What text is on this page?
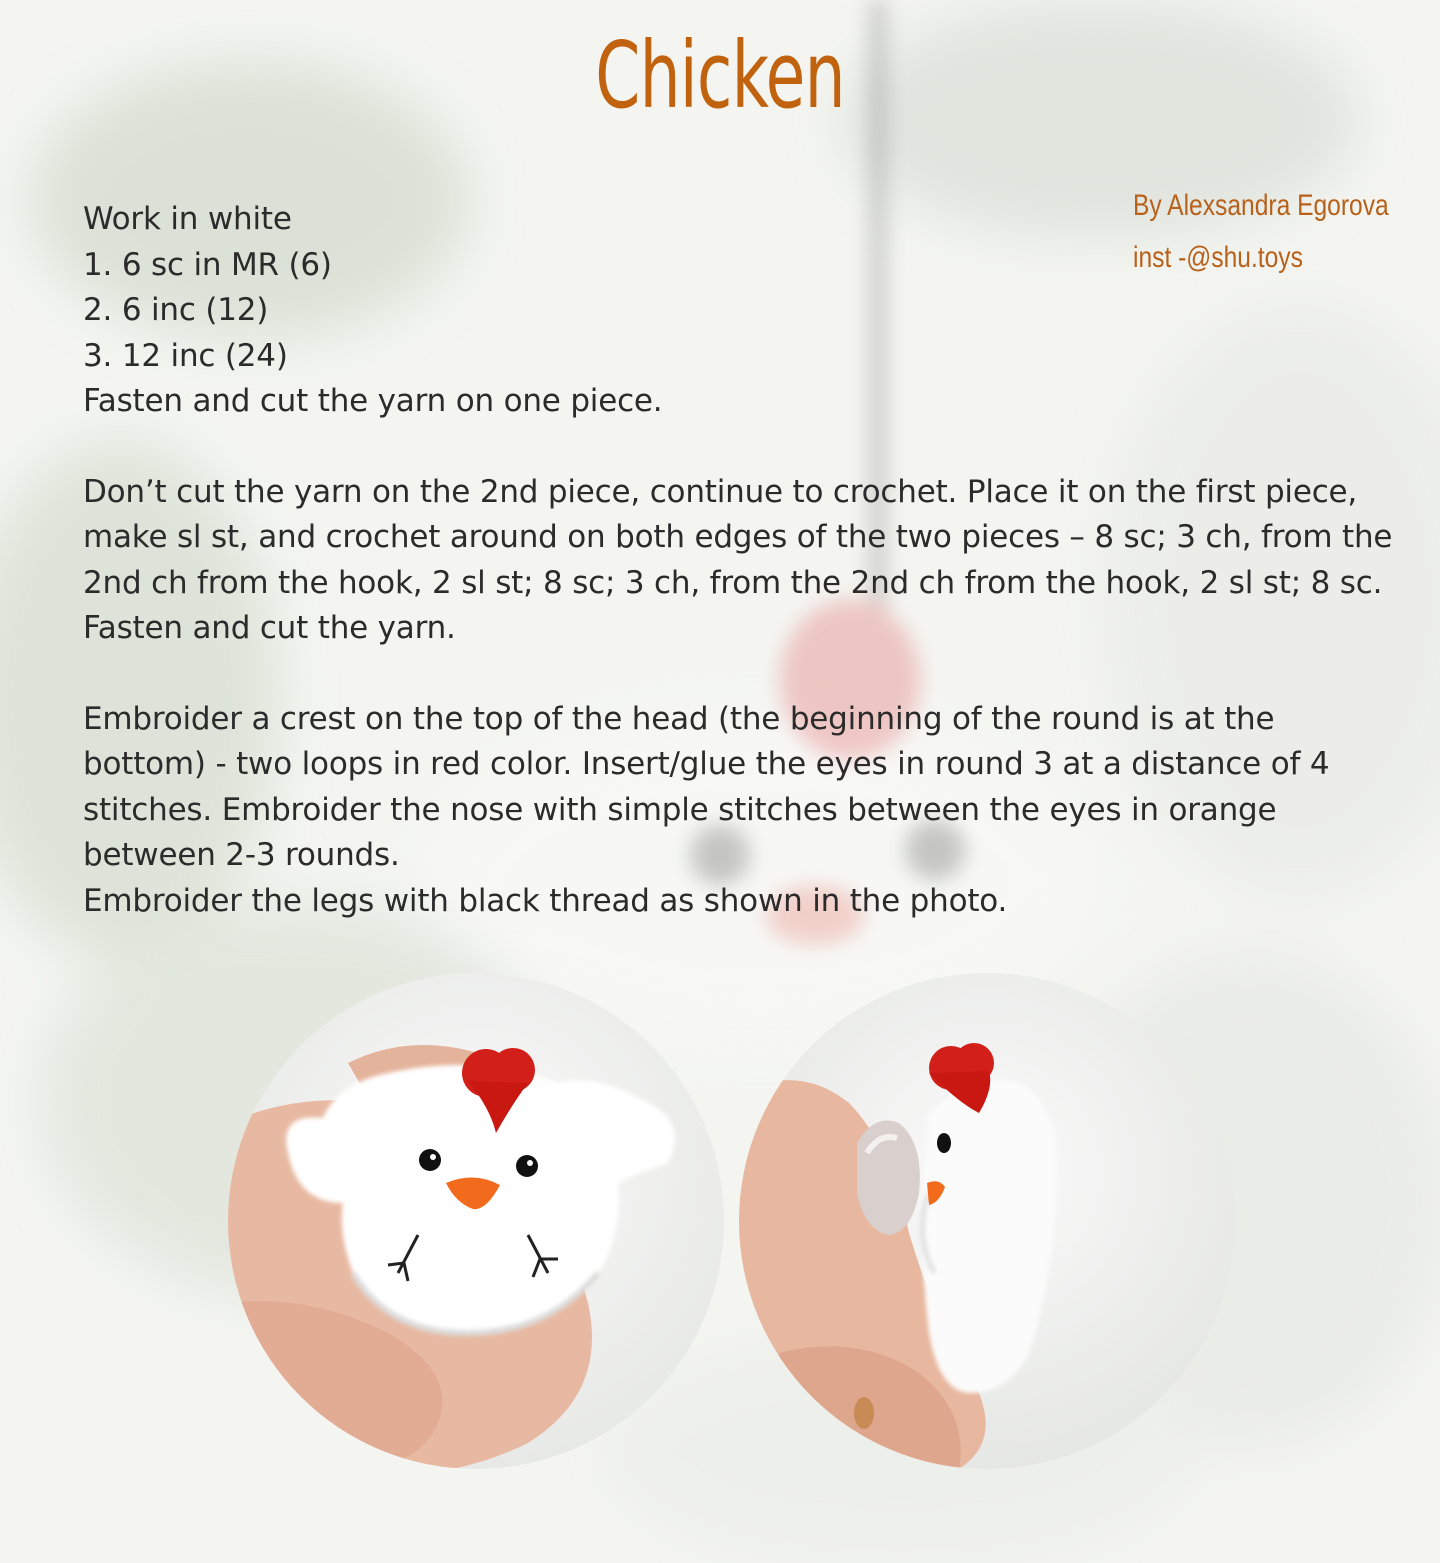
Chicken
By Alexsandra Egorova
inst -@shu.toys
Work in white
1. 6 sc in MR (6)
2. 6 inc (12)
3. 12 inc (24)
Fasten and cut the yarn on one piece.
Don’t cut the yarn on the 2nd piece, continue to crochet. Place it on the first piece,
make sl st, and crochet around on both edges of the two pieces – 8 sc; 3 ch, from the
2nd ch from the hook, 2 sl st; 8 sc; 3 ch, from the 2nd ch from the hook, 2 sl st; 8 sc.
Fasten and cut the yarn.
Embroider a crest on the top of the head (the beginning of the round is at the
bottom) - two loops in red color. Insert/glue the eyes in round 3 at a distance of 4
stitches. Embroider the nose with simple stitches between the eyes in orange
between 2-3 rounds.
Embroider the legs with black thread as shown in the photo.
